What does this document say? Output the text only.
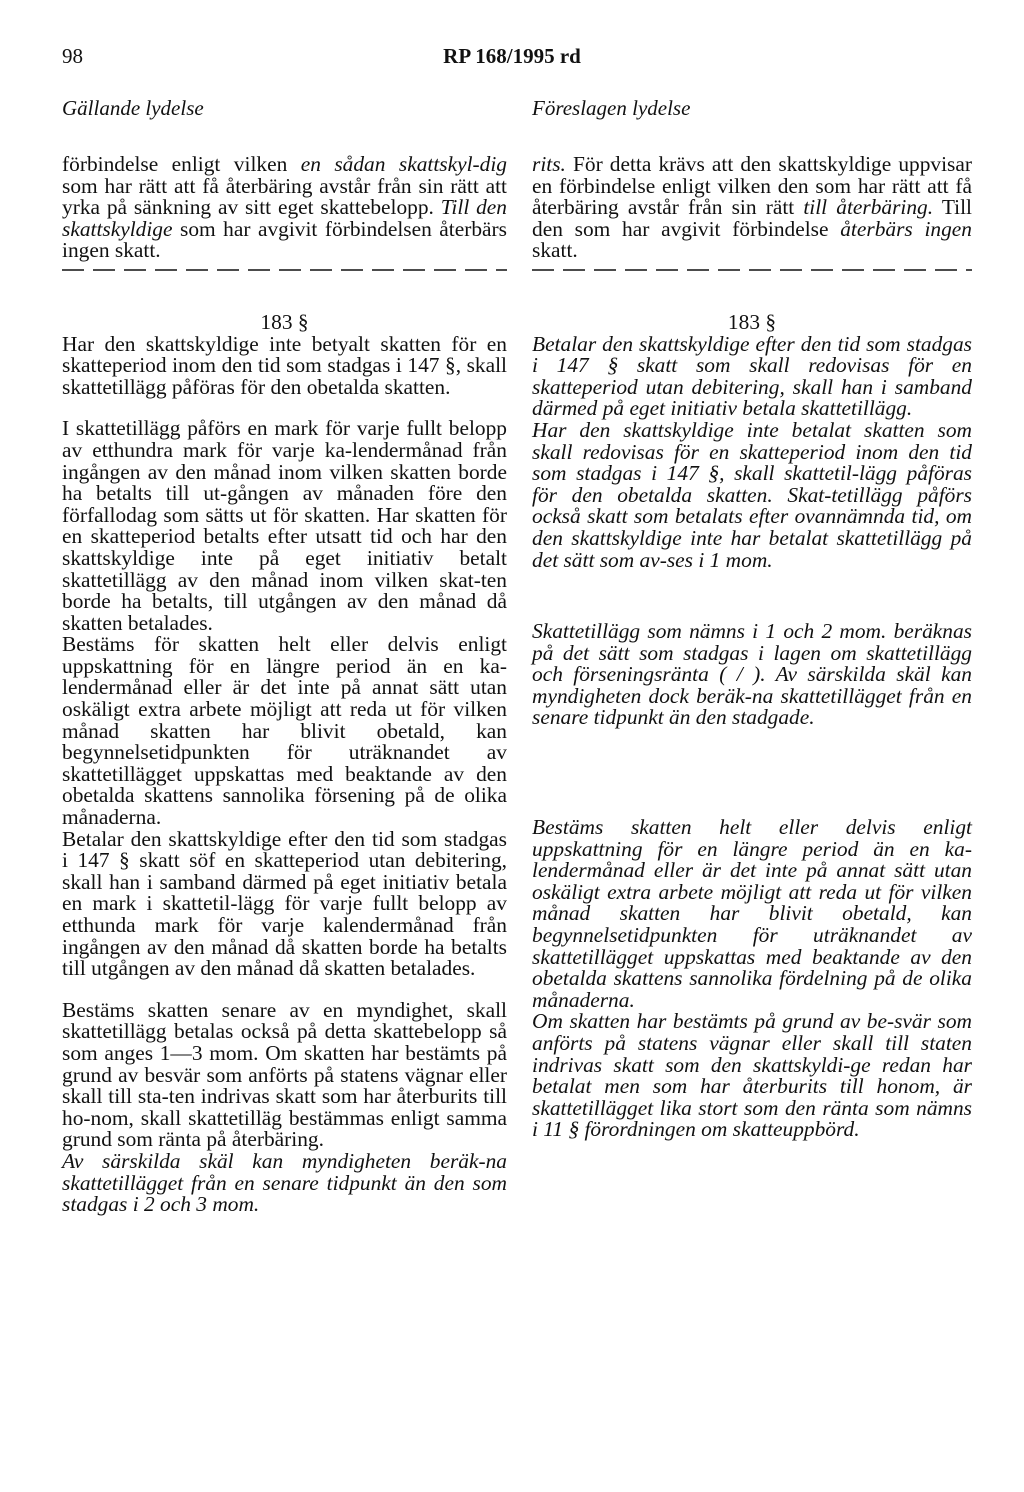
98	RP 168/1995 rd
Gällande lydelse	Föreslagen lydelse

förbindelse enligt vilken en sådan skattskyl-dig som har rätt att få återbäring avstår från sin rätt att yrka på sänkning av sitt eget skattebelopp. Till den skattskyldige som har avgivit förbindelsen återbärs ingen skatt.

183 §

Har den skattskyldige inte betyalt skatten för en skatteperiod inom den tid som stadgas i 147 §, skall skattetillägg påföras för den obetalda skatten.

I skattetillägg påförs en mark för varje fullt belopp av etthundra mark för varje ka-lendermånad från ingången av den månad inom vilken skatten borde ha betalts till ut-gången av månaden före den förfallodag som sätts ut för skatten. Har skatten för en skatteperiod betalts efter utsatt tid och har den skattskyldige inte på eget initiativ betalt skattetillägg av den månad inom vilken skat-ten borde ha betalts, till utgången av den månad då skatten betalades.

Bestäms för skatten helt eller delvis enligt uppskattning för en längre period än en ka-lendermånad eller är det inte på annat sätt utan oskäligt extra arbete möjligt att reda ut för vilken månad skatten har blivit obetald, kan begynnelsetidpunkten för uträknandet av skattetillägget uppskattas med beaktande av den obetalda skattens sannolika försening på de olika månaderna.

Betalar den skattskyldige efter den tid som stadgas i 147 § skatt söf en skatteperiod utan debitering, skall han i samband därmed på eget initiativ betala en mark i skattetil-lägg för varje fullt belopp av etthunda mark för varje kalendermånad från ingången av den månad då skatten borde ha betalts till utgången av den månad då skatten betalades.

Bestäms skatten senare av en myndighet, skall skattetillägg betalas också på detta skattebelopp så som anges 1—3 mom. Om skatten har bestämts på grund av besvär som anförts på statens vägnar eller skall till sta-ten indrivas skatt som har återburits till ho-nom, skall skattetilläg bestämmas enligt samma grund som ränta på återbäring.

Av särskilda skäl kan myndigheten beräk-na skattetillägget från en senare tidpunkt än den som stadgas i 2 och 3 mom.

rits. För detta krävs att den skattskyldige uppvisar en förbindelse enligt vilken den som har rätt att få återbäring avstår från sin rätt till återbäring. Till den som har avgivit förbindelse återbärs ingen skatt.

183 §

Betalar den skattskyldige efter den tid som stadgas i 147 § skatt som skall redovisas för en skatteperiod utan debitering, skall han i samband därmed på eget initiativ betala skattetillägg.

Har den skattskyldige inte betalat skatten som skall redovisas för en skatteperiod inom den tid som stadgas i 147 §, skall skattetil-lägg påföras för den obetalda skatten. Skat-tetillägg påförs också skatt som betalats efter ovannämnda tid, om den skattskyldige inte har betalat skattetillägg på det sätt som av-ses i 1 mom.

Skattetillägg som nämns i 1 och 2 mom. beräknas på det sätt som stadgas i lagen om skattetillägg och förseningsränta ( / ). Av särskilda skäl kan myndigheten dock beräk-na skattetillägget från en senare tidpunkt än den stadgade.

Bestäms skatten helt eller delvis enligt uppskattning för en längre period än en ka-lendermånad eller är det inte på annat sätt utan oskäligt extra arbete möjligt att reda ut för vilken månad skatten har blivit obetald, kan begynnelsetidpunkten för uträknandet av skattetillägget uppskattas med beaktande av den obetalda skattens sannolika fördelning på de olika månaderna.

Om skatten har bestämts på grund av be-svär som anförts på statens vägnar eller skall till staten indrivas skatt som den skattskyldi-ge redan har betalat men som har återburits till honom, är skattetillägget lika stort som den ränta som nämns i 11 § förordningen om skatteuppbörd.
